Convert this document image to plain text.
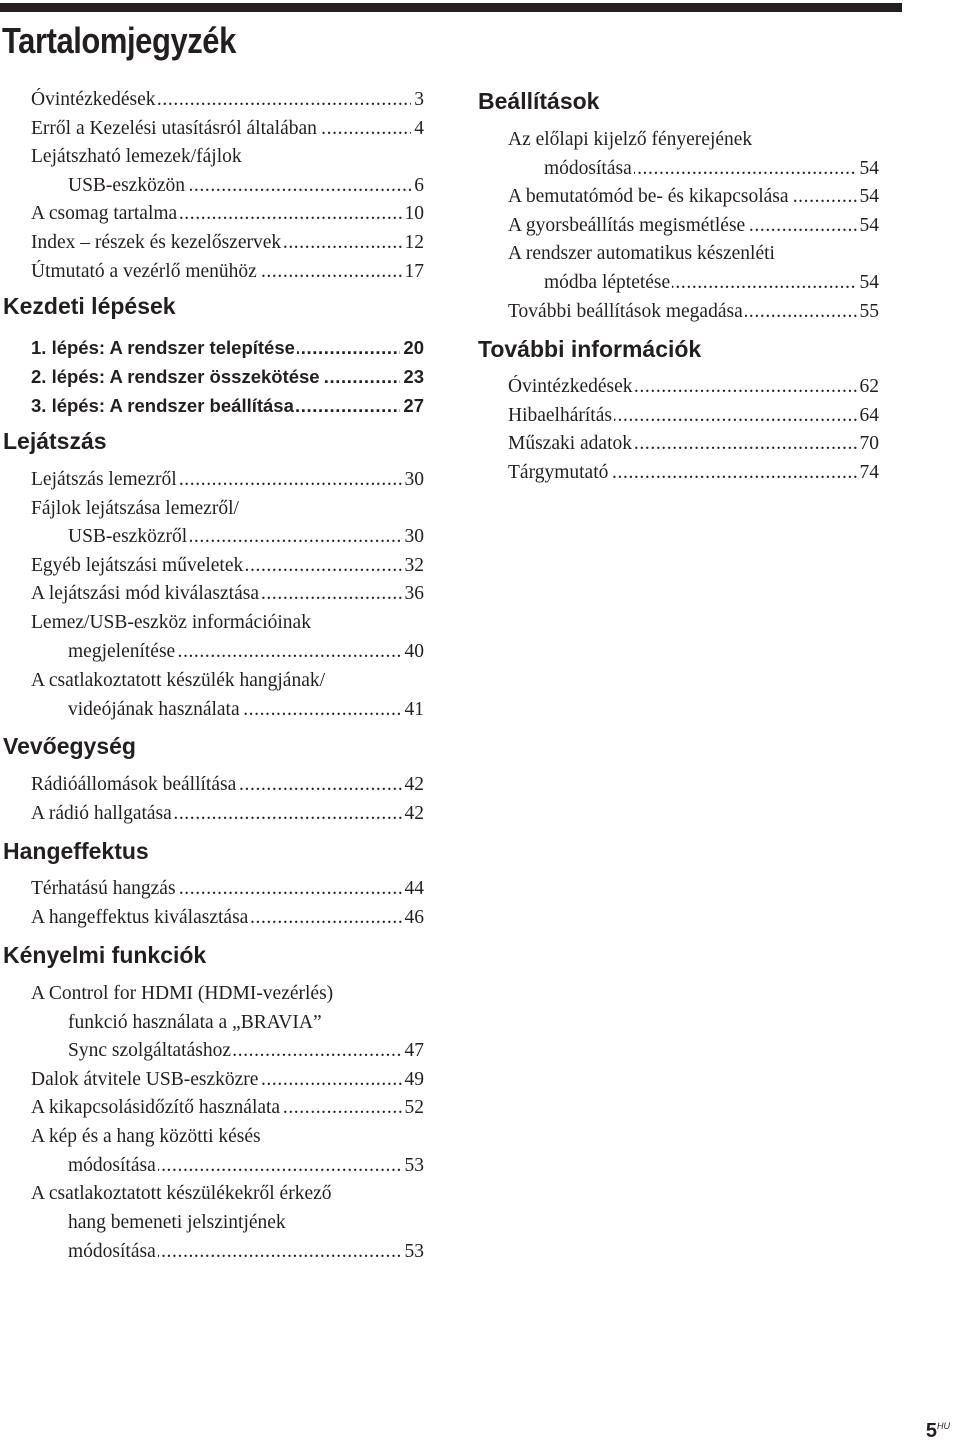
Tartalomjegyzék
..... Óvintézkedések	3
..... Erről a Kezelési utasításról általában	4
Lejátszható lemezek/fájlok
..... USB-eszközön	6
..... A csomag tartalma	10
..... Index – részek és kezelőszervek	12
..... Útmutató a vezérlő menühöz	17
Kezdeti lépések
..... 1. lépés: A rendszer telepítése	20
..... 2. lépés: A rendszer összekötése	23
..... 3. lépés: A rendszer beállítása	27
Lejátszás
..... Lejátszás lemezről	30
Fájlok lejátszása lemezről/
..... USB-eszközről	30
..... Egyéb lejátszási műveletek	32
..... A lejátszási mód kiválasztása	36
Lemez/USB-eszköz információinak
..... megjelenítése	40
A csatlakoztatott készülék hangjának/
..... videójának használata	41
Vevőegység
..... Rádióállomások beállítása	42
..... A rádió hallgatása	42
Hangeffektus
..... Térhatású hangzás	44
..... A hangeffektus kiválasztása	46
Kényelmi funkciók
A Control for HDMI (HDMI-vezérlés)
funkció használata a „BRAVIA”
..... Sync szolgáltatáshoz	47
..... Dalok átvitele USB-eszközre	49
..... A kikapcsolásidőzítő használata	52
A kép és a hang közötti késés
..... módosítása	53
A csatlakoztatott készülékekről érkező
hang bemeneti jelszintjének
..... módosítása	53
Beállítások
Az előlapi kijelző fényerejének
..... módosítása	54
..... A bemutatómód be- és kikapcsolása	54
..... A gyorsbeállítás megismétlése	54
A rendszer automatikus készenléti
..... módba léptetése	54
..... További beállítások megadása	55
További információk
..... Óvintézkedések	62
..... Hibaelhárítás	64
..... Műszaki adatok	70
..... Tárgymutató	74
$5^{HU}$
